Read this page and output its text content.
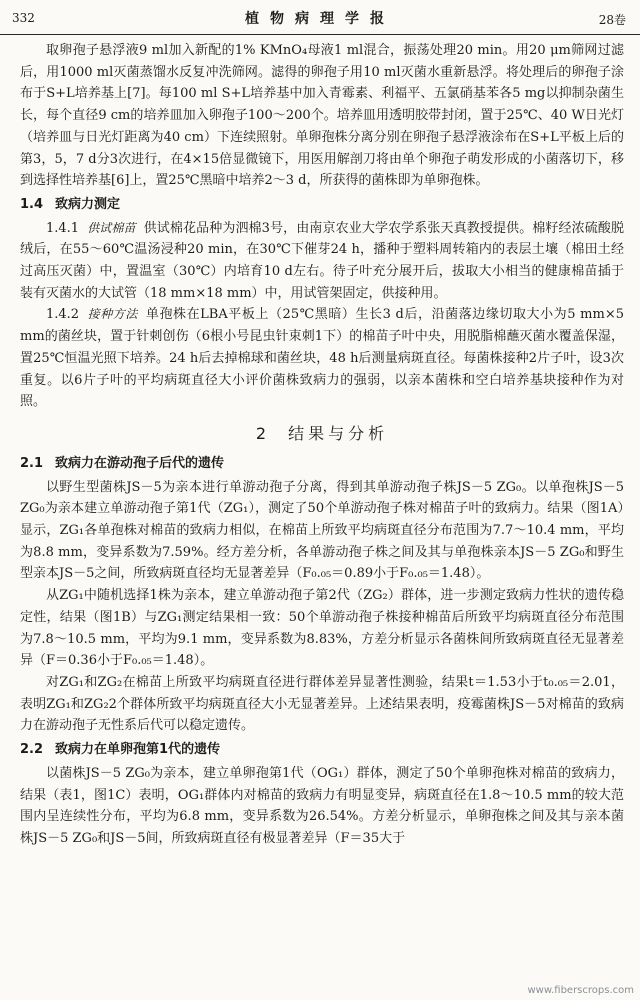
332	植物病理学报	28卷

取卵孢子悬浮液9 ml加入新配的1% KMnO₄母液1 ml混合，振荡处理20 min。用20 μm筛网过滤后，用1000 ml灭菌蒸馏水反复冲洗筛网。滤得的卵孢子用10 ml灭菌水重新悬浮。将处理后的卵孢子涂布于S+L培养基上[7]。每100 ml S+L培养基中加入青霉素、利福平、五氯硝基苯各5 mg以抑制杂菌生长，每个直径9 cm的培养皿加入卵孢子100～200个。培养皿用透明胶带封闭，置于25℃、40 W日光灯（培养皿与日光灯距离为40 cm）下连续照射。单卵孢株分离分别在卵孢子悬浮液涂布在S+L平板上后的第3，5，7 d分3次进行，在4×15倍显微镜下，用医用解剖刀将由单个卵孢子萌发形成的小菌落切下，移到选择性培养基[6]上，置25℃黑暗中培养2～3 d，所获得的菌株即为单卵孢株。

1.4 致病力测定

1.4.1 供试棉苗 供试棉花品种为泗棉3号，由南京农业大学农学系张天真教授提供。棉籽经浓硫酸脱绒后，在55～60℃温汤浸种20 min，在30℃下催芽24 h，播种于塑料周转箱内的表层土壤（棉田土经过高压灭菌）中，置温室（30℃）内培育10 d左右。待子叶充分展开后，拔取大小相当的健康棉苗插于装有灭菌水的大试管（18 mm×18 mm）中，用试管架固定，供接种用。

1.4.2 接种方法 单孢株在LBA平板上（25℃黑暗）生长3 d后，沿菌落边缘切取大小为5 mm×5 mm的菌丝块，置于针刺创伤（6根小号昆虫针束刺1下）的棉苗子叶中央，用脱脂棉蘸灭菌水覆盖保湿，置25℃恒温光照下培养。24 h后去掉棉球和菌丝块，48 h后测量病斑直径。每菌株接种2片子叶，设3次重复。以6片子叶的平均病斑直径大小评价菌株致病力的强弱，以亲本菌株和空白培养基块接种作为对照。

2 结果与分析
2.1 致病力在游动孢子后代的遗传

以野生型菌株JS－5为亲本进行单游动孢子分离，得到其单游动孢子株JS－5 ZG₀。以单孢株JS－5 ZG₀为亲本建立单游动孢子第1代（ZG₁），测定了50个单游动孢子株对棉苗子叶的致病力。结果（图1A）显示，ZG₁各单孢株对棉苗的致病力相似，在棉苗上所致平均病斑直径分布范围为7.7～10.4 mm，平均为8.8 mm，变异系数为7.59%。经方差分析，各单游动孢子株之间及其与单孢株亲本JS－5 ZG₀和野生型亲本JS－5之间，所致病斑直径均无显著差异（F₀.₀₅＝0.89小于F₀.₀₅＝1.48）。

从ZG₁中随机选择1株为亲本，建立单游动孢子第2代（ZG₂）群体，进一步测定致病力性状的遗传稳定性，结果（图1B）与ZG₁测定结果相一致：50个单游动孢子株接种棉苗后所致平均病斑直径分布范围为7.8～10.5 mm，平均为9.1 mm，变异系数为8.83%，方差分析显示各菌株间所致病斑直径无显著差异（F＝0.36小于F₀.₀₅＝1.48）。

对ZG₁和ZG₂在棉苗上所致平均病斑直径进行群体差异显著性测验，结果t＝1.53小于t₀.₀₅＝2.01，表明ZG₁和ZG₂2个群体所致平均病斑直径大小无显著差异。上述结果表明，疫霉菌株JS－5对棉苗的致病力在游动孢子无性系后代可以稳定遗传。

2.2 致病力在单卵孢第1代的遗传

以菌株JS－5 ZG₀为亲本，建立单卵孢第1代（OG₁）群体，测定了50个单卵孢株对棉苗的致病力，结果（表1，图1C）表明，OG₁群体内对棉苗的致病力有明显变异，病斑直径在1.8～10.5 mm的较大范围内呈连续性分布，平均为6.8 mm，变异系数为26.54%。方差分析显示，单卵孢株之间及其与亲本菌株JS－5 ZG₀和JS－5间，所致病斑直径有极显著差异（F＝35大于

www.fiberscrops.com
